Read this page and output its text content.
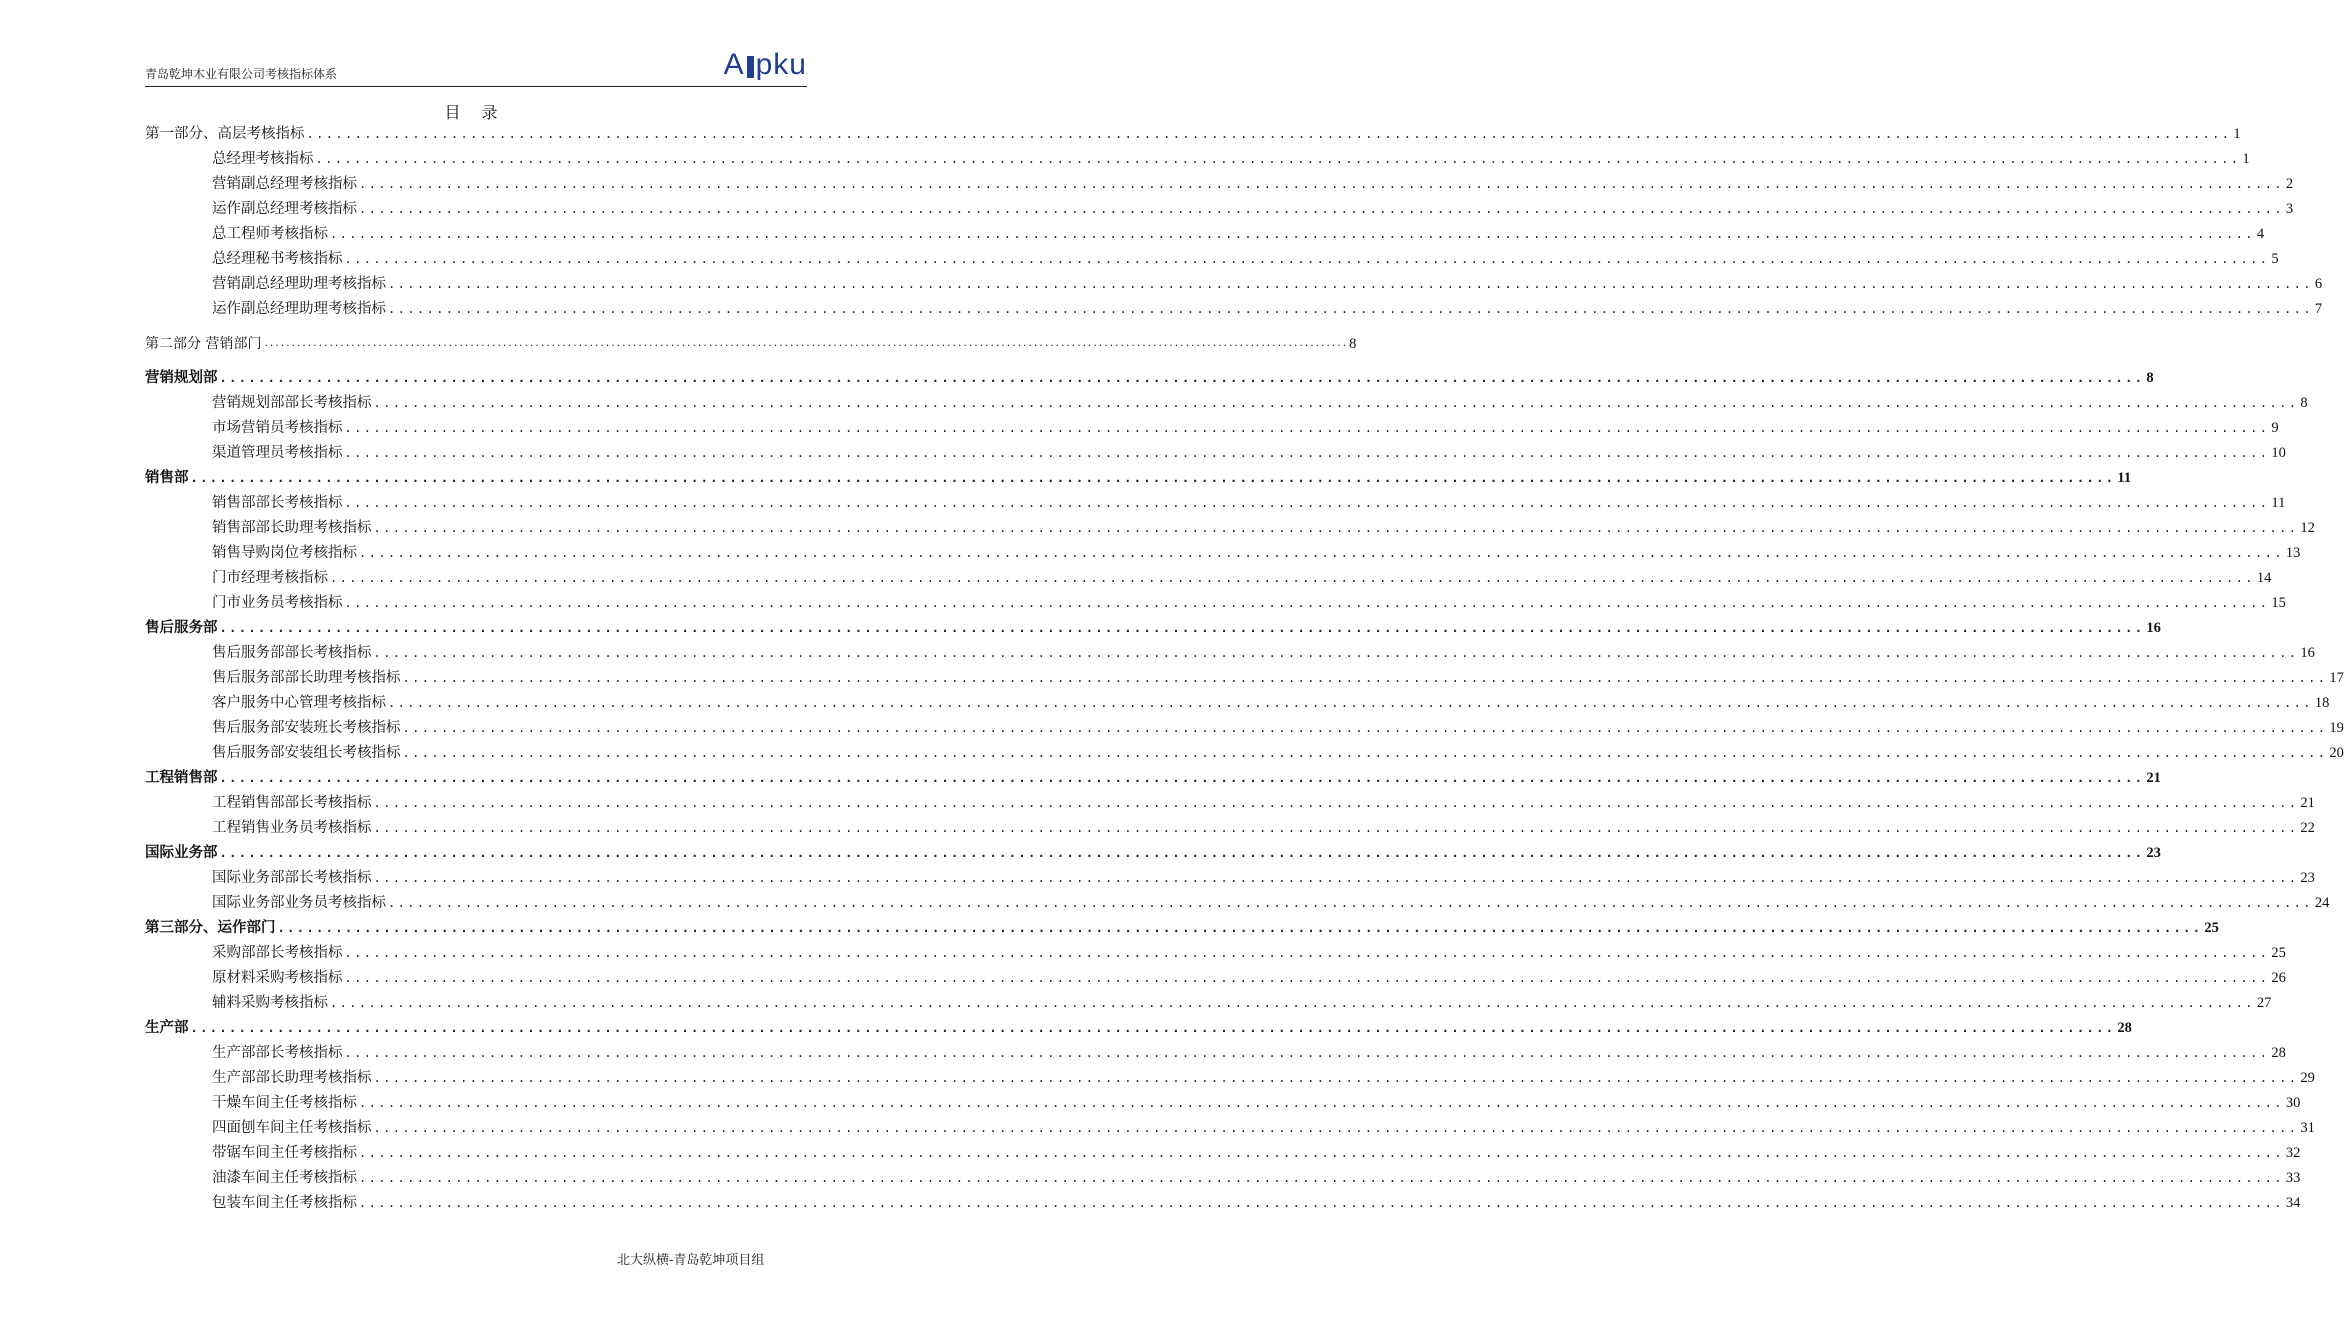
青岛乾坤木业有限公司考核指标体系	A pku
目 录
第一部分、高层考核指标 ........................................................................................................................................................................................................ 1
总经理考核指标 ........................................................................................................................................................................................................ 1
营销副总经理考核指标 ........................................................................................................................................................................................................ 2
运作副总经理考核指标 ........................................................................................................................................................................................................ 3
总工程师考核指标 ........................................................................................................................................................................................................ 4
总经理秘书考核指标 ........................................................................................................................................................................................................ 5
营销副总经理助理考核指标 ........................................................................................................................................................................................................ 6
运作副总经理助理考核指标 ........................................................................................................................................................................................................ 7
第二部分 营销部门 ........................................................................................................................................................................................................ 8
营销规划部 ........................................................................................................................................................................................................ 8
营销规划部部长考核指标 ........................................................................................................................................................................................................ 8
市场营销员考核指标 ........................................................................................................................................................................................................ 9
渠道管理员考核指标 ........................................................................................................................................................................................................ 10
销售部 ........................................................................................................................................................................................................ 11
销售部部长考核指标 ........................................................................................................................................................................................................ 11
销售部部长助理考核指标 ........................................................................................................................................................................................................ 12
销售导购岗位考核指标 ........................................................................................................................................................................................................ 13
门市经理考核指标 ........................................................................................................................................................................................................ 14
门市业务员考核指标 ........................................................................................................................................................................................................ 15
售后服务部 ........................................................................................................................................................................................................ 16
售后服务部部长考核指标 ........................................................................................................................................................................................................ 16
售后服务部部长助理考核指标 ........................................................................................................................................................................................................ 17
客户服务中心管理考核指标 ........................................................................................................................................................................................................ 18
售后服务部安装班长考核指标 ........................................................................................................................................................................................................ 19
售后服务部安装组长考核指标 ........................................................................................................................................................................................................ 20
工程销售部 ........................................................................................................................................................................................................ 21
工程销售部部长考核指标 ........................................................................................................................................................................................................ 21
工程销售业务员考核指标 ........................................................................................................................................................................................................ 22
国际业务部 ........................................................................................................................................................................................................ 23
国际业务部部长考核指标 ........................................................................................................................................................................................................ 23
国际业务部业务员考核指标 ........................................................................................................................................................................................................ 24
第三部分、运作部门 ........................................................................................................................................................................................................ 25
采购部部长考核指标 ........................................................................................................................................................................................................ 25
原材料采购考核指标 ........................................................................................................................................................................................................ 26
辅料采购考核指标 ........................................................................................................................................................................................................ 27
生产部 ........................................................................................................................................................................................................ 28
生产部部长考核指标 ........................................................................................................................................................................................................ 28
生产部部长助理考核指标 ........................................................................................................................................................................................................ 29
干燥车间主任考核指标 ........................................................................................................................................................................................................ 30
四面刨车间主任考核指标 ........................................................................................................................................................................................................ 31
带锯车间主任考核指标 ........................................................................................................................................................................................................ 32
油漆车间主任考核指标 ........................................................................................................................................................................................................ 33
包装车间主任考核指标 ........................................................................................................................................................................................................ 34
北大纵横-青岛乾坤项目组
